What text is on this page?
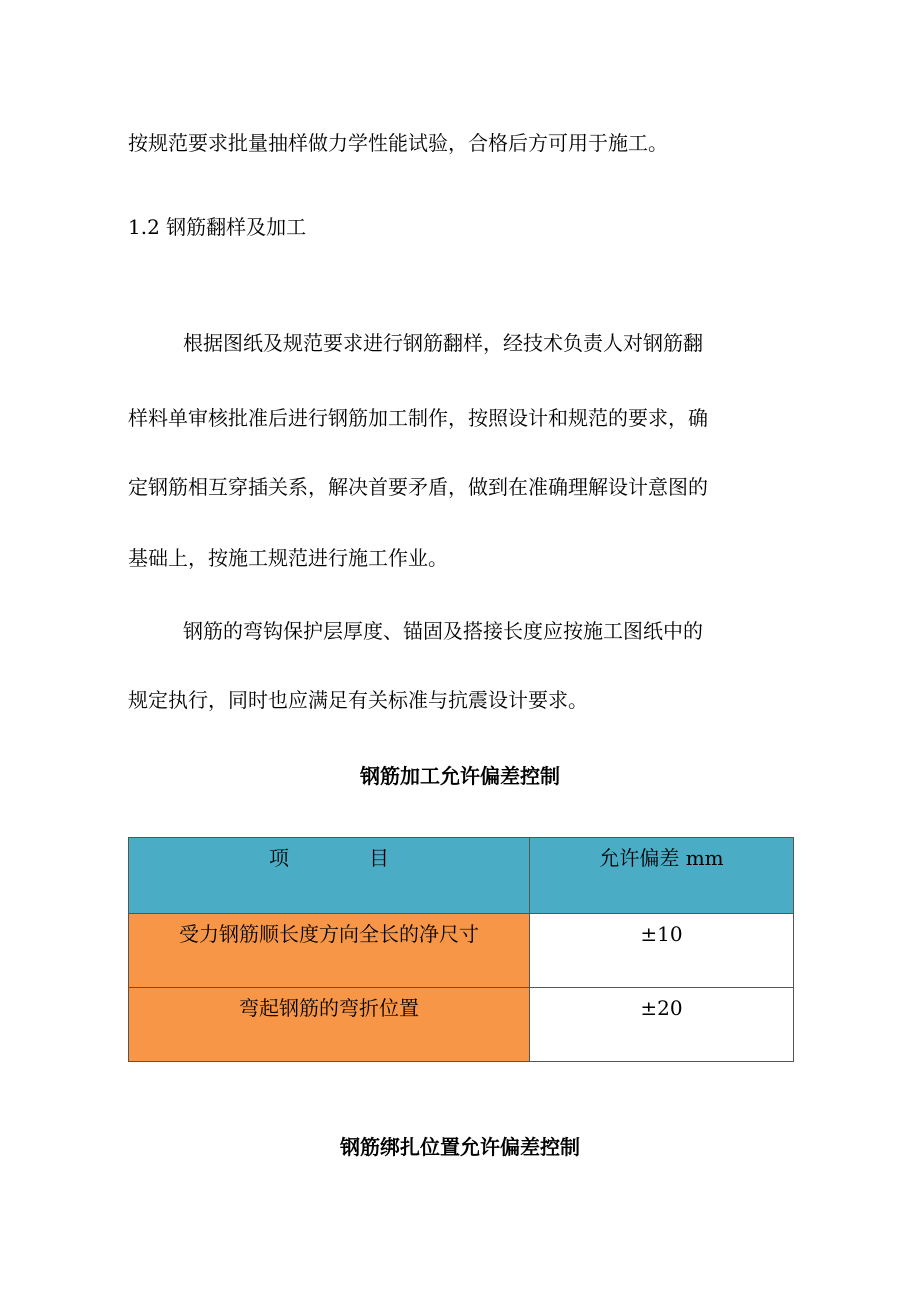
按规范要求批量抽样做力学性能试验，合格后方可用于施工。
1.2 钢筋翻样及加工
根据图纸及规范要求进行钢筋翻样，经技术负责人对钢筋翻
样料单审核批准后进行钢筋加工制作，按照设计和规范的要求，确
定钢筋相互穿插关系，解决首要矛盾，做到在准确理解设计意图的
基础上，按施工规范进行施工作业。
钢筋的弯钩保护层厚度、锚固及搭接长度应按施工图纸中的
规定执行，同时也应满足有关标准与抗震设计要求。
钢筋加工允许偏差控制
项　　　　目	允许偏差 mm
受力钢筋顺长度方向全长的净尺寸	±10
弯起钢筋的弯折位置	±20
钢筋绑扎位置允许偏差控制
